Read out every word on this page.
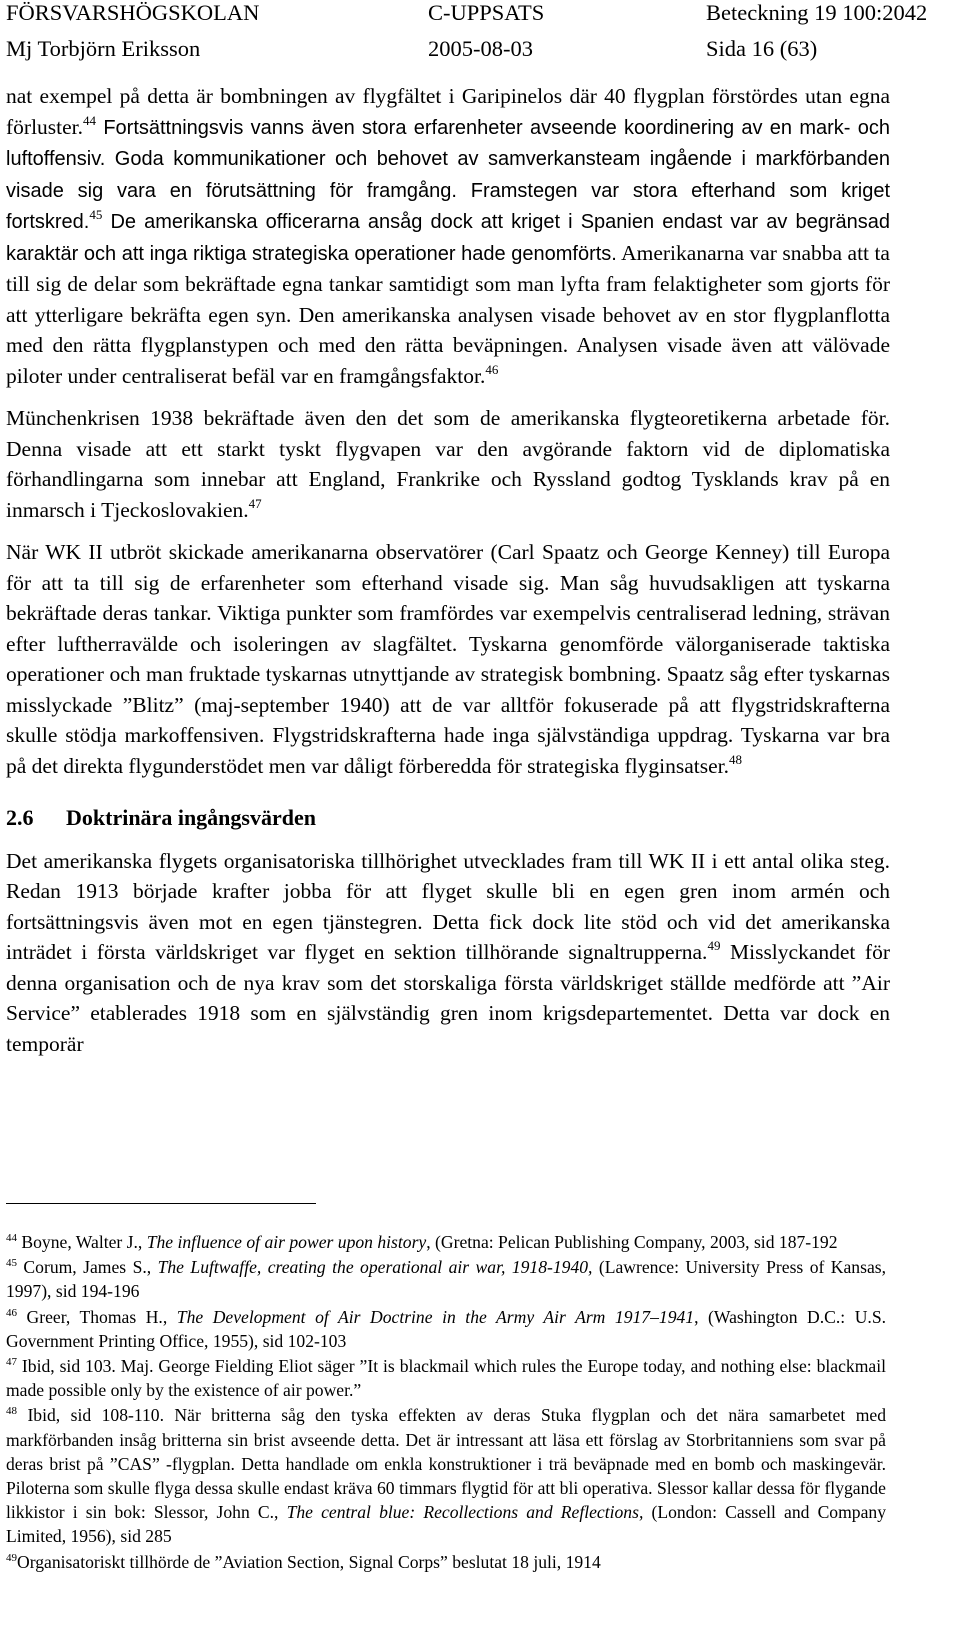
FÖRSVARSHÖGSKOLAN	C-UPPSATS	Beteckning 19 100:2042
Mj Torbjörn Eriksson	2005-08-03	Sida 16 (63)

nat exempel på detta är bombningen av flygfältet i Garipinelos där 40 flygplan förstördes utan egna förluster.$^{44}$ Fortsättningsvis vanns även stora erfarenheter avseende koordinering av en mark- och luftoffensiv. Goda kommunikationer och behovet av samverkansteam ingående i markförbanden visade sig vara en förutsättning för framgång. Framstegen var stora efterhand som kriget fortskred.$^{45}$ De amerikanska officerarna ansåg dock att kriget i Spanien endast var av begränsad karaktär och att inga riktiga strategiska operationer hade genomförts. Amerikanarna var snabba att ta till sig de delar som bekräftade egna tankar samtidigt som man lyfta fram felaktigheter som gjorts för att ytterligare bekräfta egen syn. Den amerikanska analysen visade behovet av en stor flygplanflotta med den rätta flygplanstypen och med den rätta beväpningen. Analysen visade även att välövade piloter under centraliserat befäl var en framgångsfaktor.$^{46}$

Münchenkrisen 1938 bekräftade även den det som de amerikanska flygteoretikerna arbetade för. Denna visade att ett starkt tyskt flygvapen var den avgörande faktorn vid de diplomatiska förhandlingarna som innebar att England, Frankrike och Ryssland godtog Tysklands krav på en inmarsch i Tjeckoslovakien.$^{47}$

När WK II utbröt skickade amerikanarna observatörer (Carl Spaatz och George Kenney) till Europa för att ta till sig de erfarenheter som efterhand visade sig. Man såg huvudsakligen att tyskarna bekräftade deras tankar. Viktiga punkter som framfördes var exempelvis centraliserad ledning, strävan efter luftherravälde och isoleringen av slagfältet. Tyskarna genomförde välorganiserade taktiska operationer och man fruktade tyskarnas utnyttjande av strategisk bombning. Spaatz såg efter tyskarnas misslyckade ”Blitz” (maj-september 1940) att de var alltför fokuserade på att flygstridskrafterna skulle stödja markoffensiven. Flygstridskrafterna hade inga självständiga uppdrag. Tyskarna var bra på det direkta flygunderstödet men var dåligt förberedda för strategiska flyginsatser.$^{48}$

2.6 Doktrinära ingångsvärden

Det amerikanska flygets organisatoriska tillhörighet utvecklades fram till WK II i ett antal olika steg. Redan 1913 började krafter jobba för att flyget skulle bli en egen gren inom armén och fortsättningsvis även mot en egen tjänstegren. Detta fick dock lite stöd och vid det amerikanska inträdet i första världskriget var flyget en sektion tillhörande signaltrupperna.$^{49}$ Misslyckandet för denna organisation och de nya krav som det storskaliga första världskriget ställde medförde att ”Air Service” etablerades 1918 som en självständig gren inom krigsdepartementet. Detta var dock en temporär

$^{44}$ Boyne, Walter J., The influence of air power upon history, (Gretna: Pelican Publishing Company, 2003, sid 187-192

$^{45}$ Corum, James S., The Luftwaffe, creating the operational air war, 1918-1940, (Lawrence: University Press of Kansas, 1997), sid 194-196

$^{46}$ Greer, Thomas H., The Development of Air Doctrine in the Army Air Arm 1917–1941, (Washington D.C.: U.S. Government Printing Office, 1955), sid 102-103

$^{47}$ Ibid, sid 103. Maj. George Fielding Eliot säger ”It is blackmail which rules the Europe today, and nothing else: blackmail made possible only by the existence of air power.”

$^{48}$ Ibid, sid 108-110. När britterna såg den tyska effekten av deras Stuka flygplan och det nära samarbetet med markförbanden insåg britterna sin brist avseende detta. Det är intressant att läsa ett förslag av Storbritanniens som svar på deras brist på ”CAS” -flygplan. Detta handlade om enkla konstruktioner i trä beväpnade med en bomb och maskingevär. Piloterna som skulle flyga dessa skulle endast kräva 60 timmars flygtid för att bli operativa. Slessor kallar dessa för flygande likkistor i sin bok: Slessor, John C., The central blue: Recollections and Reflections, (London: Cassell and Company Limited, 1956), sid 285

$^{49}$Organisatoriskt tillhörde de ”Aviation Section, Signal Corps” beslutat 18 juli, 1914
